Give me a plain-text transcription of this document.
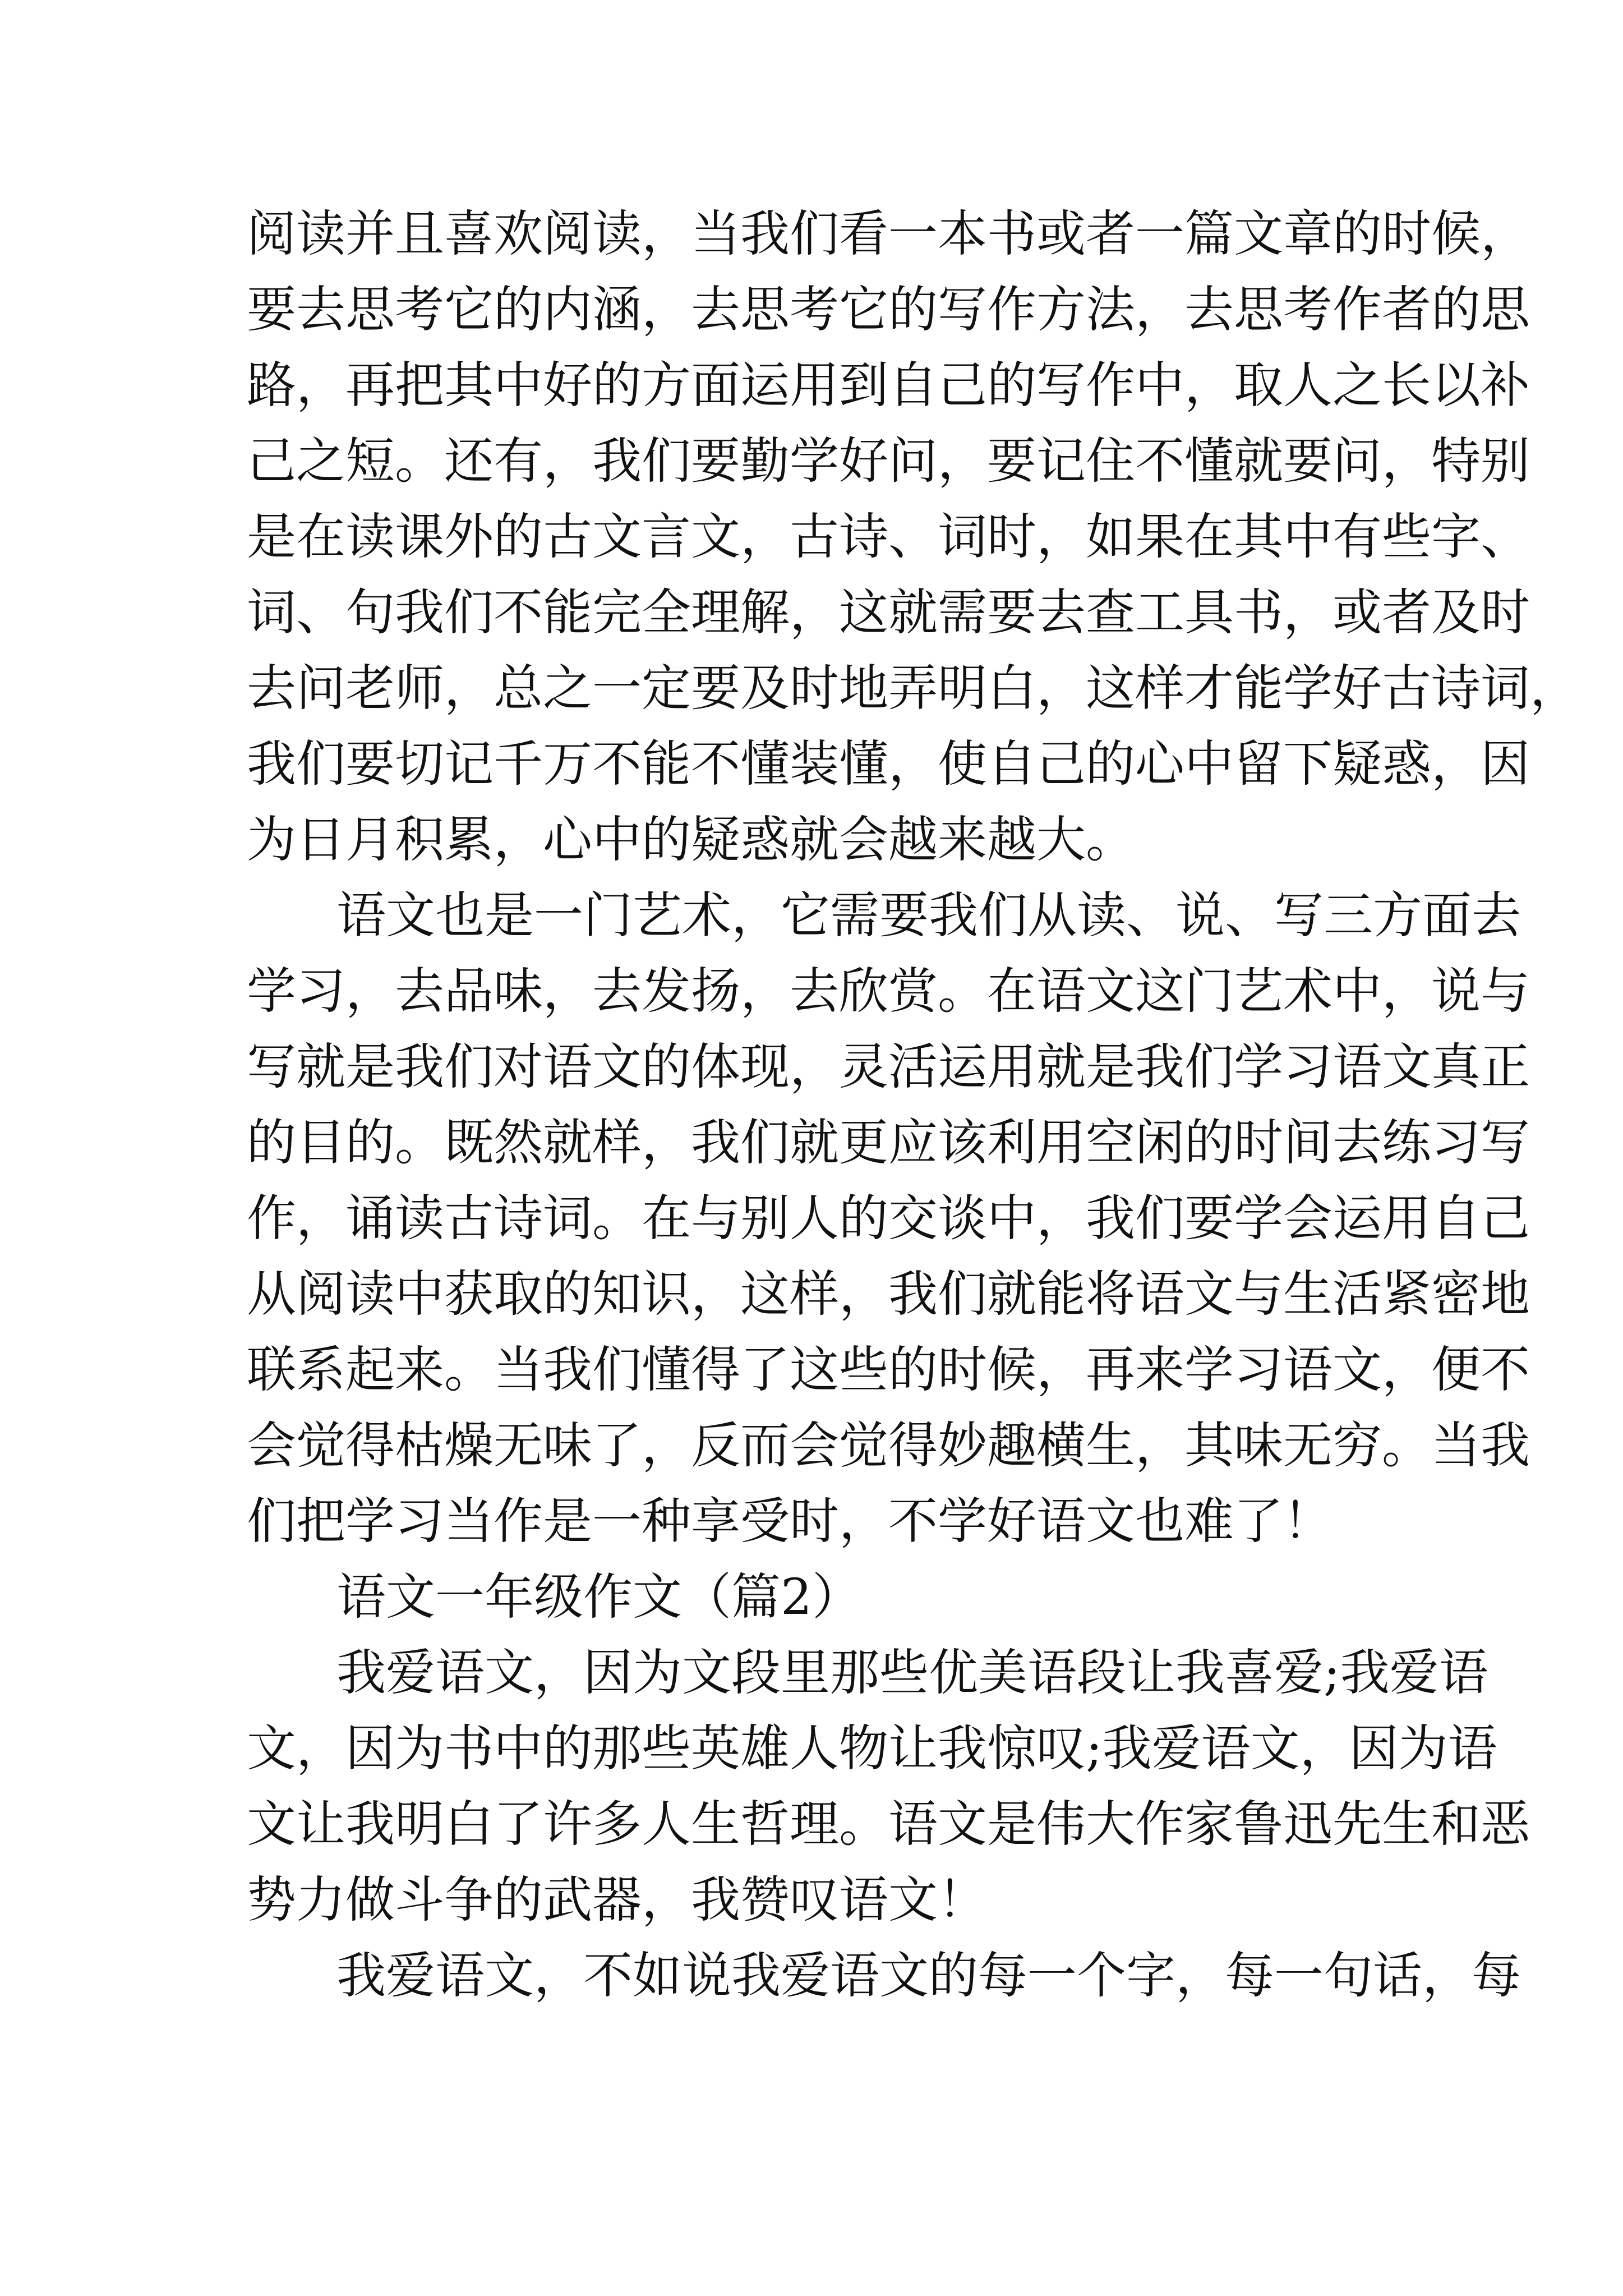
阅读并且喜欢阅读，当我们看一本书或者一篇文章的时候，
要去思考它的内涵，去思考它的写作方法，去思考作者的思
路，再把其中好的方面运用到自己的写作中，取人之长以补
己之短。还有，我们要勤学好问，要记住不懂就要问，特别
是在读课外的古文言文，古诗、词时，如果在其中有些字、
词、句我们不能完全理解，这就需要去查工具书，或者及时
去问老师，总之一定要及时地弄明白，这样才能学好古诗词，
我们要切记千万不能不懂装懂，使自己的心中留下疑惑，因
为日月积累，心中的疑惑就会越来越大。
语文也是一门艺术，它需要我们从读、说、写三方面去
学习，去品味，去发扬，去欣赏。在语文这门艺术中，说与
写就是我们对语文的体现，灵活运用就是我们学习语文真正
的目的。既然就样，我们就更应该利用空闲的时间去练习写
作，诵读古诗词。在与别人的交谈中，我们要学会运用自己
从阅读中获取的知识，这样，我们就能将语文与生活紧密地
联系起来。当我们懂得了这些的时候，再来学习语文，便不
会觉得枯燥无味了，反而会觉得妙趣横生，其味无穷。当我
们把学习当作是一种享受时，不学好语文也难了！
语文一年级作文（篇2）
我爱语文，因为文段里那些优美语段让我喜爱;我爱语
文，因为书中的那些英雄人物让我惊叹;我爱语文，因为语
文让我明白了许多人生哲理。语文是伟大作家鲁迅先生和恶
势力做斗争的武器，我赞叹语文！
我爱语文，不如说我爱语文的每一个字，每一句话，每
